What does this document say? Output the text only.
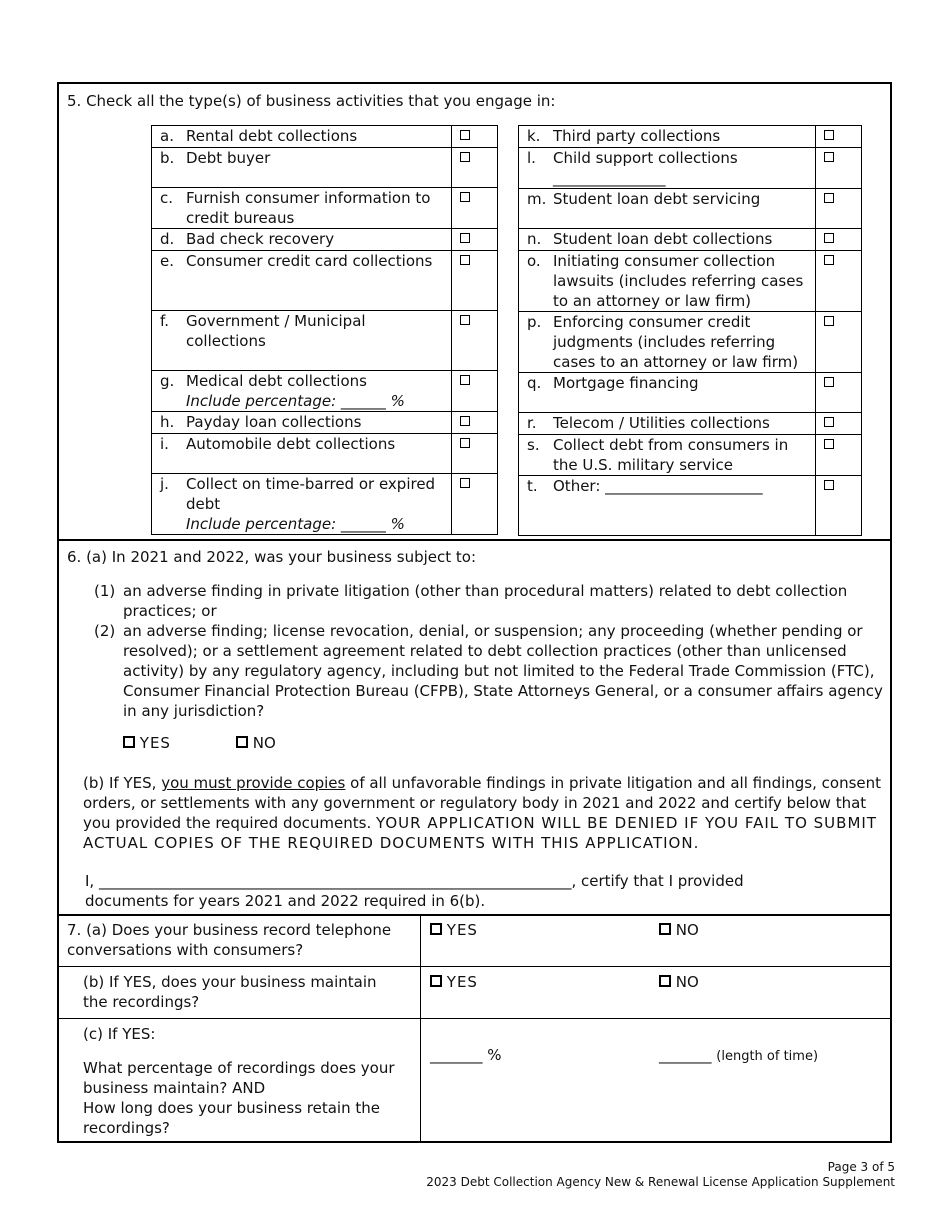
5. Check all the type(s) of business activities that you engage in:
a.	Rental debt collections	
b.	Debt buyer	
c.	Furnish consumer information to credit bureaus	
d.	Bad check recovery	
e.	Consumer credit card collections	
f.	Government / Municipal collections	
g.	Medical debt collections
Include percentage: ______ %	

h.	Payday loan collections	
i.	Automobile debt collections	
j.	Collect on time-barred or expired debt
Include percentage: ______ %	

k.	Third party collections	
l.	Child support collections _______________	
m.	Student loan debt servicing	
n.	Student loan debt collections	
o.	Initiating consumer collection lawsuits (includes referring cases to an attorney or law firm)	
p.	Enforcing consumer credit judgments (includes referring cases to an attorney or law firm)	
q.	Mortgage financing	
r.	Telecom / Utilities collections	
s.	Collect debt from consumers in the U.S. military service	
t.	Other: _____________________	
6. (a) In 2021 and 2022, was your business subject to:
(1) an adverse finding in private litigation (other than procedural matters) related to debt collection practices; or
(2) an adverse finding; license revocation, denial, or suspension; any proceeding (whether pending or resolved); or a settlement agreement related to debt collection practices (other than unlicensed activity) by any regulatory agency, including but not limited to the Federal Trade Commission (FTC), Consumer Financial Protection Bureau (CFPB), State Attorneys General, or a consumer affairs agency in any jurisdiction?
YES	NO
(b) If YES, you must provide copies of all unfavorable findings in private litigation and all findings, consent orders, or settlements with any government or regulatory body in 2021 and 2022 and certify below that you provided the required documents. YOUR APPLICATION WILL BE DENIED IF YOU FAIL TO SUBMIT ACTUAL COPIES OF THE REQUIRED DOCUMENTS WITH THIS APPLICATION.
I, _______________________________________________________________, certify that I provided
documents for years 2021 and 2022 required in 6(b).
7. (a) Does your business record telephone conversations with consumers?
YES	NO
(b) If YES, does your business maintain the recordings?
YES	NO
(c) If YES:
What percentage of recordings does your business maintain? AND
How long does your business retain the recordings?
_______ %	_______ (length of time)
Page 3 of 5
2023 Debt Collection Agency New & Renewal License Application Supplement
